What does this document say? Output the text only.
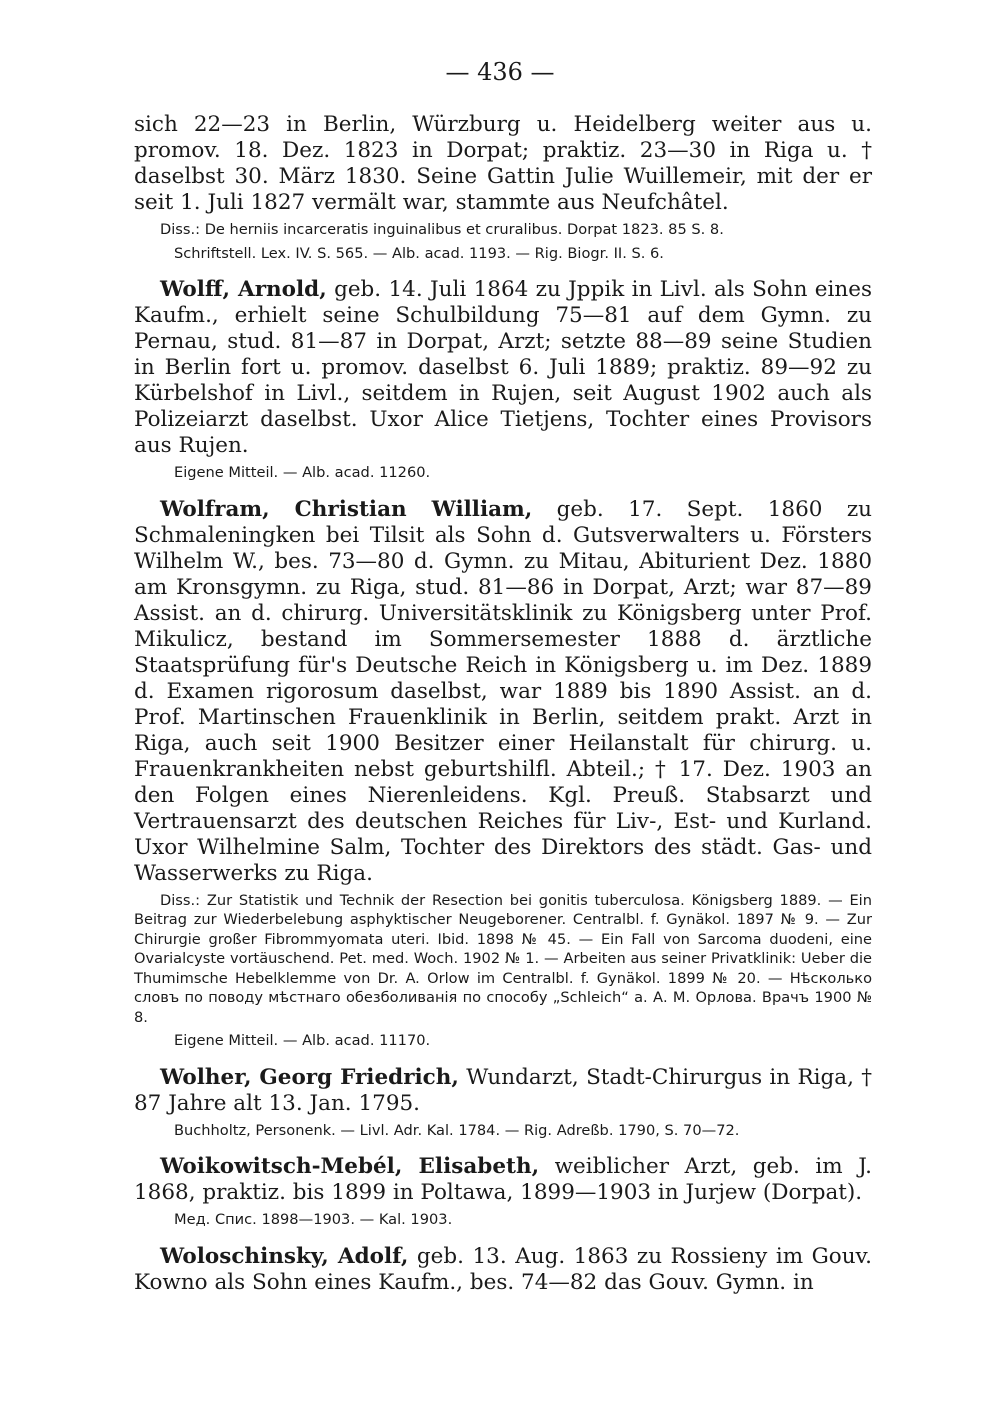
— 436 —

sich 22—23 in Berlin, Würzburg u. Heidelberg weiter aus u. promov. 18. Dez. 1823 in Dorpat; praktiz. 23—30 in Riga u. † daselbst 30. März 1830. Seine Gattin Julie Wuillemeir, mit der er seit 1. Juli 1827 vermält war, stammte aus Neufchâtel.

Diss.: De herniis incarceratis inguinalibus et cruralibus. Dorpat 1823. 85 S. 8.

Schriftstell. Lex. IV. S. 565. — Alb. acad. 1193. — Rig. Biogr. II. S. 6.

Wolff, Arnold, geb. 14. Juli 1864 zu Jppik in Livl. als Sohn eines Kaufm., erhielt seine Schulbildung 75—81 auf dem Gymn. zu Pernau, stud. 81—87 in Dorpat, Arzt; setzte 88—89 seine Studien in Berlin fort u. promov. daselbst 6. Juli 1889; praktiz. 89—92 zu Kürbelshof in Livl., seitdem in Rujen, seit August 1902 auch als Polizeiarzt daselbst. Uxor Alice Tietjens, Tochter eines Provisors aus Rujen.

Eigene Mitteil. — Alb. acad. 11260.

Wolfram, Christian William, geb. 17. Sept. 1860 zu Schmaleningken bei Tilsit als Sohn d. Gutsverwalters u. Försters Wilhelm W., bes. 73—80 d. Gymn. zu Mitau, Abiturient Dez. 1880 am Kronsgymn. zu Riga, stud. 81—86 in Dorpat, Arzt; war 87—89 Assist. an d. chirurg. Universitätsklinik zu Königsberg unter Prof. Mikulicz, bestand im Sommersemester 1888 d. ärztliche Staatsprüfung für's Deutsche Reich in Königsberg u. im Dez. 1889 d. Examen rigorosum daselbst, war 1889 bis 1890 Assist. an d. Prof. Martinschen Frauenklinik in Berlin, seitdem prakt. Arzt in Riga, auch seit 1900 Besitzer einer Heilanstalt für chirurg. u. Frauenkrankheiten nebst geburtshilfl. Abteil.; † 17. Dez. 1903 an den Folgen eines Nierenleidens. Kgl. Preuß. Stabsarzt und Vertrauensarzt des deutschen Reiches für Liv-, Est- und Kurland. Uxor Wilhelmine Salm, Tochter des Direktors des städt. Gas- und Wasserwerks zu Riga.

Diss.: Zur Statistik und Technik der Resection bei gonitis tuberculosa. Königsberg 1889. — Ein Beitrag zur Wiederbelebung asphyktischer Neugeborener. Centralbl. f. Gynäkol. 1897 № 9. — Zur Chirurgie großer Fibrommyomata uteri. Ibid. 1898 № 45. — Ein Fall von Sarcoma duodeni, eine Ovarialcyste vortäuschend. Pet. med. Woch. 1902 № 1. — Arbeiten aus seiner Privatklinik: Ueber die Thumimsche Hebelklemme von Dr. A. Orlow im Centralbl. f. Gynäkol. 1899 № 20. — Нѣсколько словъ по поводу мѣстнаго обезболиванія по способу „Schleich“ a. А. М. Орлова. Врачъ 1900 № 8.

Eigene Mitteil. — Alb. acad. 11170.

Wolher, Georg Friedrich, Wundarzt, Stadt-Chirurgus in Riga, † 87 Jahre alt 13. Jan. 1795.

Buchholtz, Personenk. — Livl. Adr. Kal. 1784. — Rig. Adreßb. 1790, S. 70—72.

Woikowitsch-Mebél, Elisabeth, weiblicher Arzt, geb. im J. 1868, praktiz. bis 1899 in Poltawa, 1899—1903 in Jurjew (Dorpat).

Мед. Спис. 1898—1903. — Kal. 1903.

Woloschinsky, Adolf, geb. 13. Aug. 1863 zu Rossieny im Gouv. Kowno als Sohn eines Kaufm., bes. 74—82 das Gouv. Gymn. in
